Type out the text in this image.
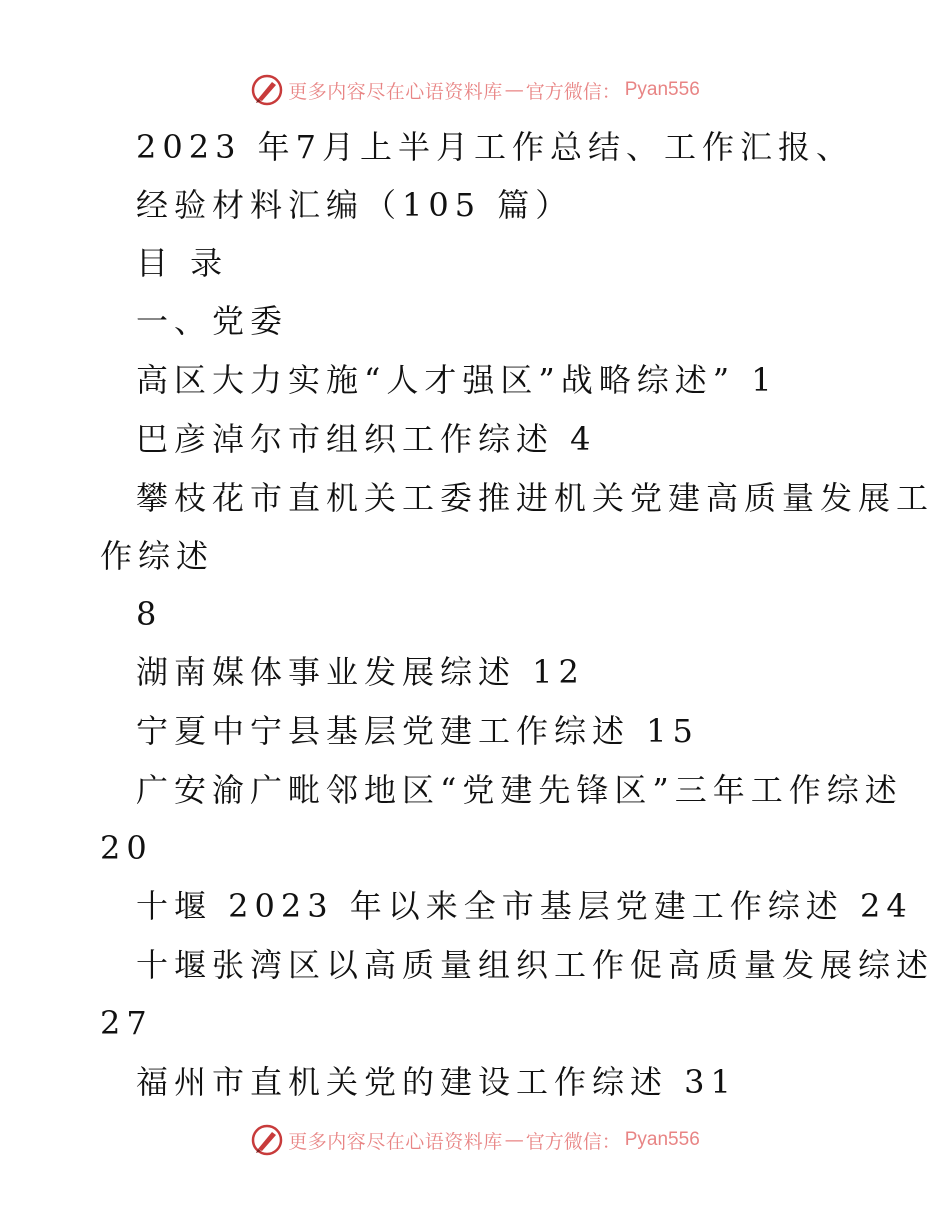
更多内容尽在心语资料库 — 官方微信： Pyan556
2023 年7月上半月工作总结、工作汇报、
经验材料汇编（105 篇）
目 录
一、党委
高区大力实施“人才强区”战略综述” 1
巴彦淖尔市组织工作综述 4
攀枝花市直机关工委推进机关党建高质量发展工
作综述
8
湖南媒体事业发展综述 12
宁夏中宁县基层党建工作综述 15
广安渝广毗邻地区“党建先锋区”三年工作综述
20
十堰 2023 年以来全市基层党建工作综述 24
十堰张湾区以高质量组织工作促高质量发展综述
27
福州市直机关党的建设工作综述 31
更多内容尽在心语资料库 — 官方微信： Pyan556
